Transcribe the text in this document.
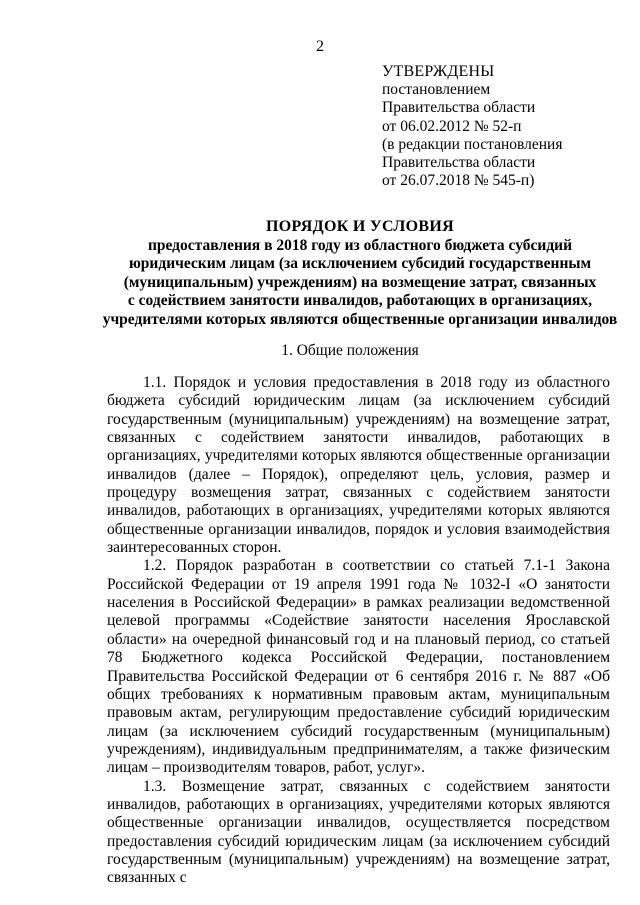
2
УТВЕРЖДЕНЫ
постановлением
Правительства области
от 06.02.2012 № 52-п
(в редакции постановления
Правительства области
от 26.07.2018 № 545-п)
ПОРЯДОК И УСЛОВИЯ
предоставления в 2018 году из областного бюджета субсидий
юридическим лицам (за исключением субсидий государственным
(муниципальным) учреждениям) на возмещение затрат, связанных
с содействием занятости инвалидов, работающих в организациях,
учредителями которых являются общественные организации инвалидов
1. Общие положения

1.1. Порядок и условия предоставления в 2018 году из областного бюджета субсидий юридическим лицам (за исключением субсидий государственным (муниципальным) учреждениям) на возмещение затрат, связанных с содействием занятости инвалидов, работающих в организациях, учредителями которых являются общественные организации инвалидов (далее – Порядок), определяют цель, условия, размер и процедуру возмещения затрат, связанных с содействием занятости инвалидов, работающих в организациях, учредителями которых являются общественные организации инвалидов, порядок и условия взаимодействия заинтересованных сторон.

1.2. Порядок разработан в соответствии со статьей 7.1-1 Закона Российской Федерации от 19 апреля 1991 года № 1032-I «О занятости населения в Российской Федерации» в рамках реализации ведомственной целевой программы «Содействие занятости населения Ярославской области» на очередной финансовый год и на плановый период, со статьей 78 Бюджетного кодекса Российской Федерации, постановлением Правительства Российской Федерации от 6 сентября 2016 г. № 887 «Об общих требованиях к нормативным правовым актам, муниципальным правовым актам, регулирующим предоставление субсидий юридическим лицам (за исключением субсидий государственным (муниципальным) учреждениям), индивидуальным предпринимателям, а также физическим лицам – производителям товаров, работ, услуг».

1.3. Возмещение затрат, связанных с содействием занятости инвалидов, работающих в организациях, учредителями которых являются общественные организации инвалидов, осуществляется посредством предоставления субсидий юридическим лицам (за исключением субсидий государственным (муниципальным) учреждениям) на возмещение затрат, связанных с
